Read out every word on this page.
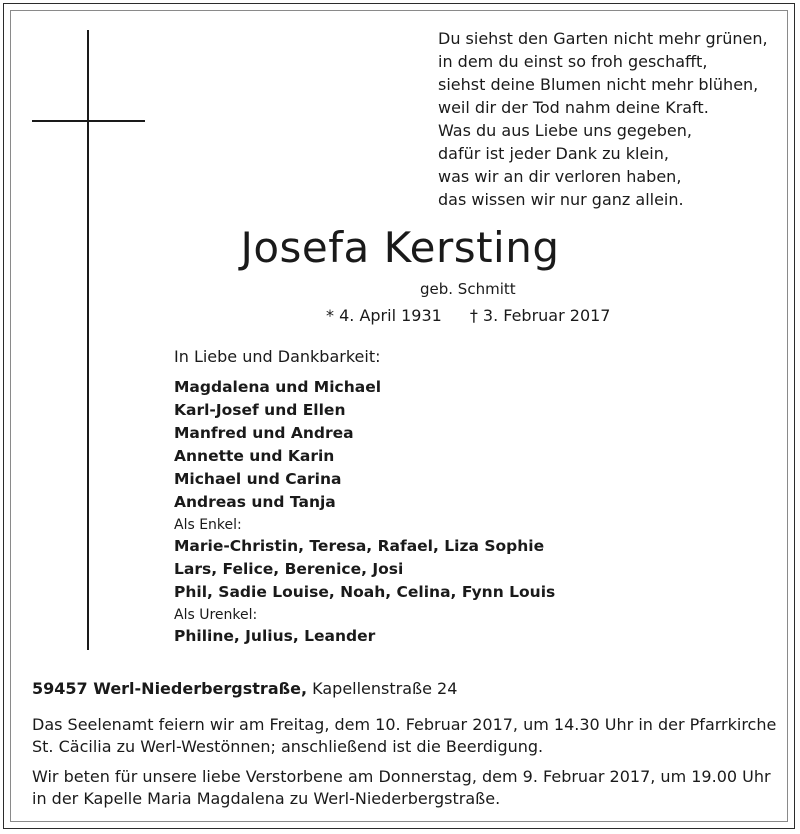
Du siehst den Garten nicht mehr grünen,
in dem du einst so froh geschafft,
siehst deine Blumen nicht mehr blühen,
weil dir der Tod nahm deine Kraft.
Was du aus Liebe uns gegeben,
dafür ist jeder Dank zu klein,
was wir an dir verloren haben,
das wissen wir nur ganz allein.
Josefa Kersting
geb. Schmitt
* 4. April 1931 † 3. Februar 2017
In Liebe und Dankbarkeit:
Magdalena und Michael
Karl-Josef und Ellen
Manfred und Andrea
Annette und Karin
Michael und Carina
Andreas und Tanja
Als Enkel:
Marie-Christin, Teresa, Rafael, Liza Sophie
Lars, Felice, Berenice, Josi
Phil, Sadie Louise, Noah, Celina, Fynn Louis
Als Urenkel:
Philine, Julius, Leander
59457 Werl-Niederbergstraße, Kapellenstraße 24
Das Seelenamt feiern wir am Freitag, dem 10. Februar 2017, um 14.30 Uhr in der Pfarrkirche St. Cäcilia zu Werl-Westönnen; anschließend ist die Beerdigung.
Wir beten für unsere liebe Verstorbene am Donnerstag, dem 9. Februar 2017, um 19.00 Uhr in der Kapelle Maria Magdalena zu Werl-Niederbergstraße.
